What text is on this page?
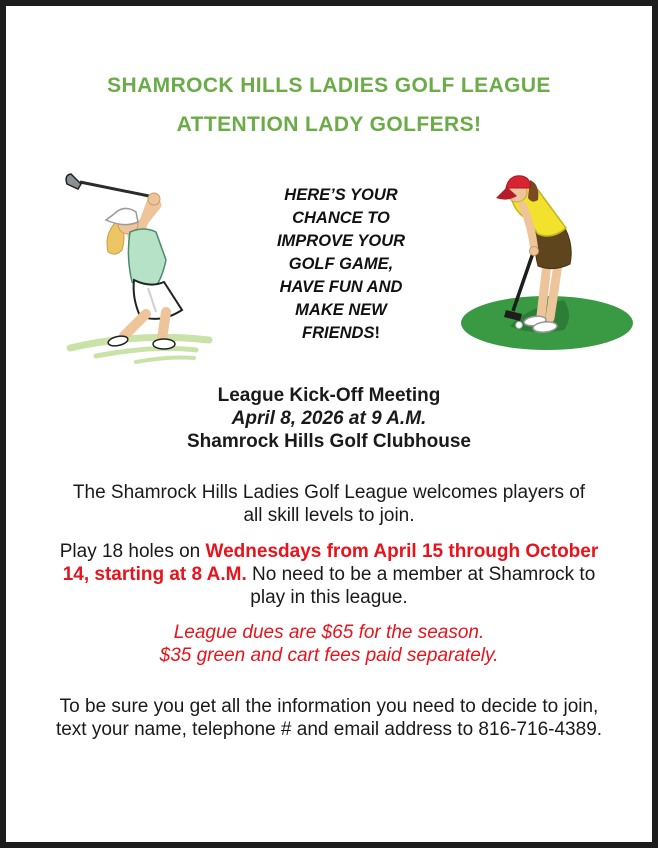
SHAMROCK HILLS LADIES GOLF LEAGUE
ATTENTION LADY GOLFERS!
HERE’S YOUR
CHANCE TO
IMPROVE YOUR
GOLF GAME,
HAVE FUN AND
MAKE NEW
FRIENDS!
League Kick-Off Meeting
April 8, 2026 at 9 A.M.
Shamrock Hills Golf Clubhouse
The Shamrock Hills Ladies Golf League welcomes players of all skill levels to join.
Play 18 holes on Wednesdays from April 15 through October 14, starting at 8 A.M. No need to be a member at Shamrock to play in this league.
League dues are $65 for the season.
$35 green and cart fees paid separately.
To be sure you get all the information you need to decide to join, text your name, telephone # and email address to 816-716-4389.
